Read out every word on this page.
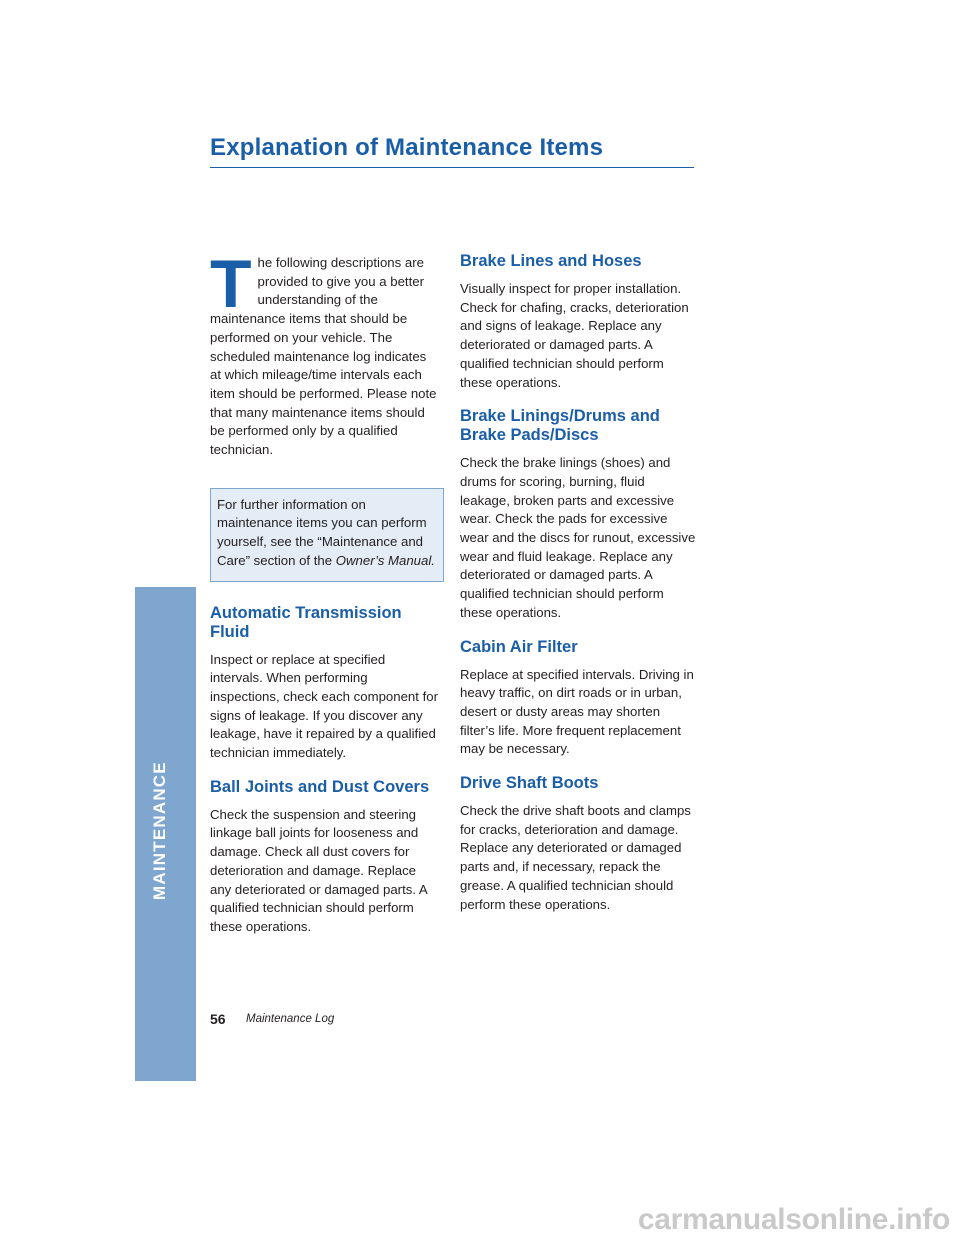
Explanation of Maintenance Items
MAINTENANCE
T he following descriptions are provided to give you a better understanding of the maintenance items that should be performed on your vehicle. The scheduled maintenance log indicates at which mileage/time intervals each item should be performed. Please note that many maintenance items should be performed only by a qualified technician.

For further information on maintenance items you can perform yourself, see the “Maintenance and Care” section of the Owner’s Manual.

Automatic Transmission Fluid

Inspect or replace at specified intervals. When performing inspections, check each component for signs of leakage. If you discover any leakage, have it repaired by a qualified technician immediately.

Ball Joints and Dust Covers

Check the suspension and steering linkage ball joints for looseness and damage. Check all dust covers for deterioration and damage. Replace any deteriorated or damaged parts. A qualified technician should perform these operations.

Brake Lines and Hoses

Visually inspect for proper installation. Check for chafing, cracks, deterioration and signs of leakage. Replace any deteriorated or damaged parts. A qualified technician should perform these operations.

Brake Linings/Drums and Brake Pads/Discs

Check the brake linings (shoes) and drums for scoring, burning, fluid leakage, broken parts and excessive wear. Check the pads for excessive wear and the discs for runout, excessive wear and fluid leakage. Replace any deteriorated or damaged parts. A qualified technician should perform these operations.

Cabin Air Filter

Replace at specified intervals. Driving in heavy traffic, on dirt roads or in urban, desert or dusty areas may shorten filter’s life. More frequent replacement may be necessary.

Drive Shaft Boots

Check the drive shaft boots and clamps for cracks, deterioration and damage. Replace any deteriorated or damaged parts and, if necessary, repack the grease. A qualified technician should perform these operations.

56 Maintenance Log
carmanualsonline.info
